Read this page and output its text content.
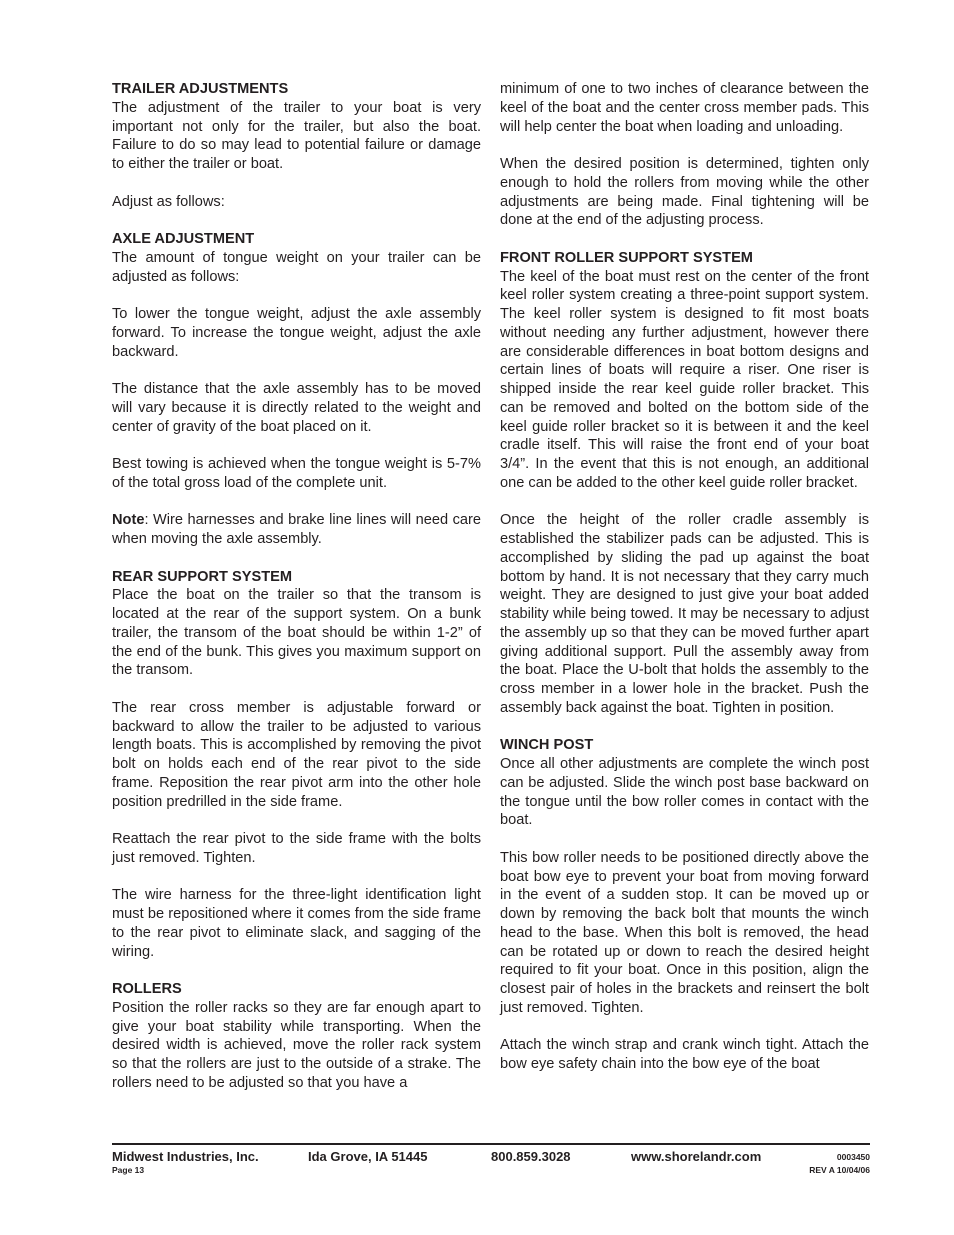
TRAILER ADJUSTMENTS
The adjustment of the trailer to your boat is very important not only for the trailer, but also the boat. Failure to do so may lead to potential failure or damage to either the trailer or boat.
Adjust as follows:
AXLE ADJUSTMENT
The amount of tongue weight on your trailer can be adjusted as follows:
To lower the tongue weight, adjust the axle assembly forward. To increase the tongue weight, adjust the axle backward.
The distance that the axle assembly has to be moved will vary because it is directly related to the weight and center of gravity of the boat placed on it.
Best towing is achieved when the tongue weight is 5-7% of the total gross load of the complete unit.
Note: Wire harnesses and brake line lines will need care when moving the axle assembly.
REAR SUPPORT SYSTEM
Place the boat on the trailer so that the transom is located at the rear of the support system. On a bunk trailer, the transom of the boat should be within 1-2” of the end of the bunk. This gives you maximum support on the transom.
The rear cross member is adjustable forward or backward to allow the trailer to be adjusted to various length boats. This is accomplished by removing the pivot bolt on holds each end of the rear pivot to the side frame. Reposition the rear pivot arm into the other hole position predrilled in the side frame.
Reattach the rear pivot to the side frame with the bolts just removed. Tighten.
The wire harness for the three-light identification light must be repositioned where it comes from the side frame to the rear pivot to eliminate slack, and sagging of the wiring.
ROLLERS
Position the roller racks so they are far enough apart to give your boat stability while transporting. When the desired width is achieved, move the roller rack system so that the rollers are just to the outside of a strake. The rollers need to be adjusted so that you have a
minimum of one to two inches of clearance between the keel of the boat and the center cross member pads. This will help center the boat when loading and unloading.
When the desired position is determined, tighten only enough to hold the rollers from moving while the other adjustments are being made. Final tightening will be done at the end of the adjusting process.
FRONT ROLLER SUPPORT SYSTEM
The keel of the boat must rest on the center of the front keel roller system creating a three-point support system. The keel roller system is designed to fit most boats without needing any further adjustment, however there are considerable differences in boat bottom designs and certain lines of boats will require a riser. One riser is shipped inside the rear keel guide roller bracket. This can be removed and bolted on the bottom side of the keel guide roller bracket so it is between it and the keel cradle itself. This will raise the front end of your boat 3/4”. In the event that this is not enough, an additional one can be added to the other keel guide roller bracket.
Once the height of the roller cradle assembly is established the stabilizer pads can be adjusted. This is accomplished by sliding the pad up against the boat bottom by hand. It is not necessary that they carry much weight. They are designed to just give your boat added stability while being towed. It may be necessary to adjust the assembly up so that they can be moved further apart giving additional support. Pull the assembly away from the boat. Place the U-bolt that holds the assembly to the cross member in a lower hole in the bracket. Push the assembly back against the boat. Tighten in position.
WINCH POST
Once all other adjustments are complete the winch post can be adjusted. Slide the winch post base backward on the tongue until the bow roller comes in contact with the boat.
This bow roller needs to be positioned directly above the boat bow eye to prevent your boat from moving forward in the event of a sudden stop. It can be moved up or down by removing the back bolt that mounts the winch head to the base. When this bolt is removed, the head can be rotated up or down to reach the desired height required to fit your boat. Once in this position, align the closest pair of holes in the brackets and reinsert the bolt just removed. Tighten.
Attach the winch strap and crank winch tight. Attach the bow eye safety chain into the bow eye of the boat
Midwest Industries, Inc.	Ida Grove, IA 51445	800.859.3028	www.shorelandr.com	0003450
Page 13	REV A 10/04/06
